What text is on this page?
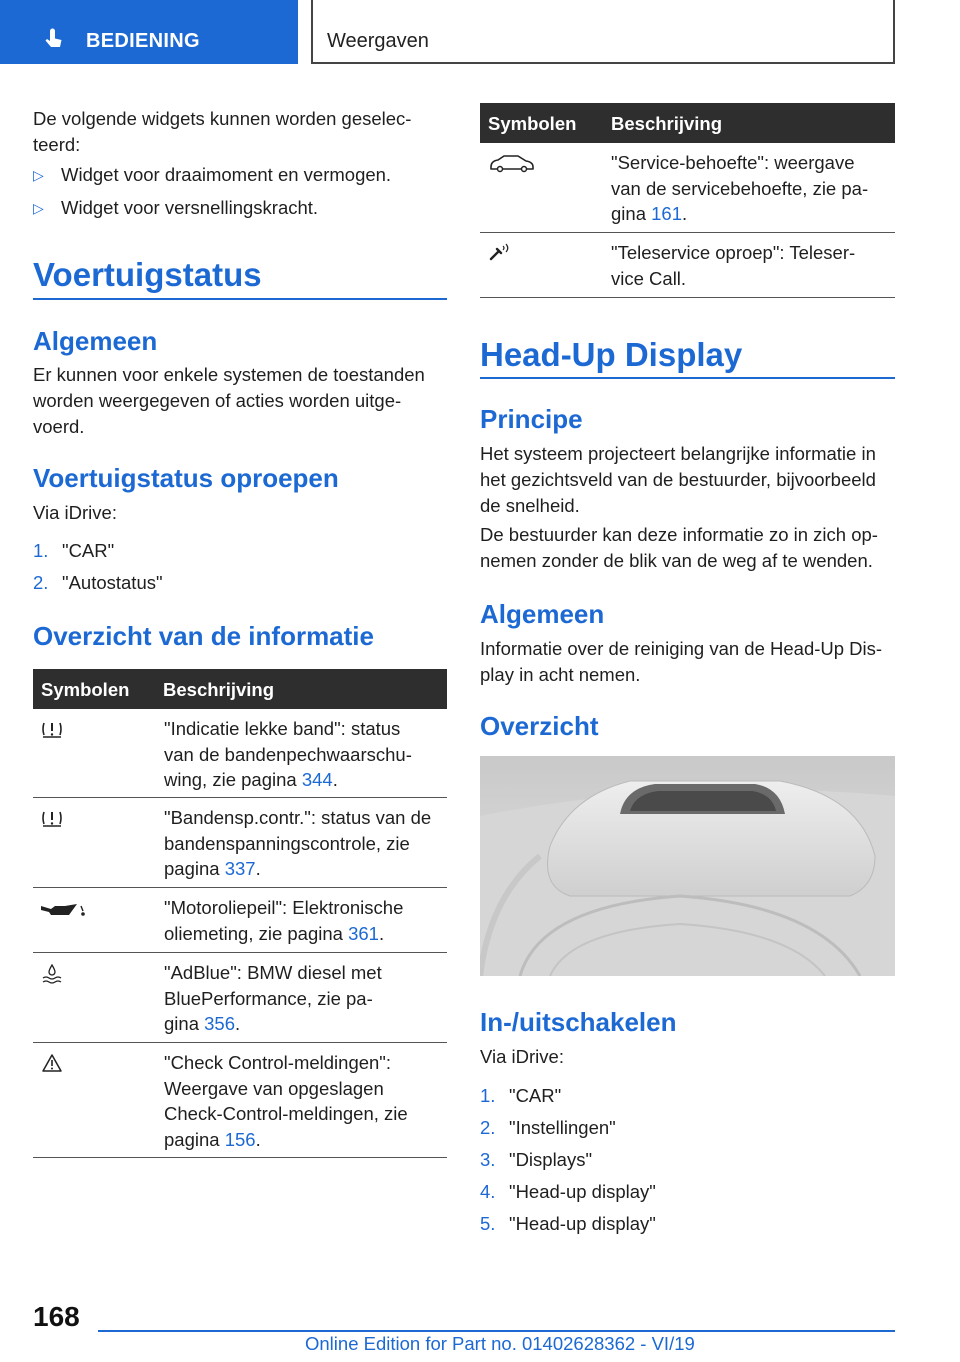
BEDIENING	Weergaven

De volgende widgets kunnen worden geselec-
teerd:

▷ Widget voor draaimoment en vermogen.
▷ Widget voor versnellingskracht.
Voertuigstatus
Algemeen

Er kunnen voor enkele systemen de toestanden
worden weergegeven of acties worden uitge-
voerd.

Voertuigstatus oproepen

Via iDrive:

1. "CAR"
2. "Autostatus"
Overzicht van de informatie
Symbolen Beschrijving
"Indicatie lekke band": status
van de bandenpechwaarschu-
wing, zie pagina 344.
"Bandensp.contr.": status van de
bandenspanningscontrole, zie
pagina 337.
"Motoroliepeil": Elektronische
oliemeting, zie pagina 361.
"AdBlue": BMW diesel met
BluePerformance, zie pa-
gina 356.
"Check Control-meldingen":
Weergave van opgeslagen
Check-Control-meldingen, zie
pagina 156.
Symbolen Beschrijving
"Service-behoefte": weergave
van de servicebehoefte, zie pa-
gina 161.
"Teleservice oproep": Teleser-
vice Call.
Head-Up Display
Principe

Het systeem projecteert belangrijke informatie in
het gezichtsveld van de bestuurder, bijvoorbeeld
de snelheid.

De bestuurder kan deze informatie zo in zich op-
nemen zonder de blik van de weg af te wenden.

Algemeen

Informatie over de reiniging van de Head-Up Dis-
play in acht nemen.

Overzicht
In-/uitschakelen

Via iDrive:

1. "CAR"
2. "Instellingen"
3. "Displays"
4. "Head-up display"
5. "Head-up display"
168
Online Edition for Part no. 01402628362 - VI/19
